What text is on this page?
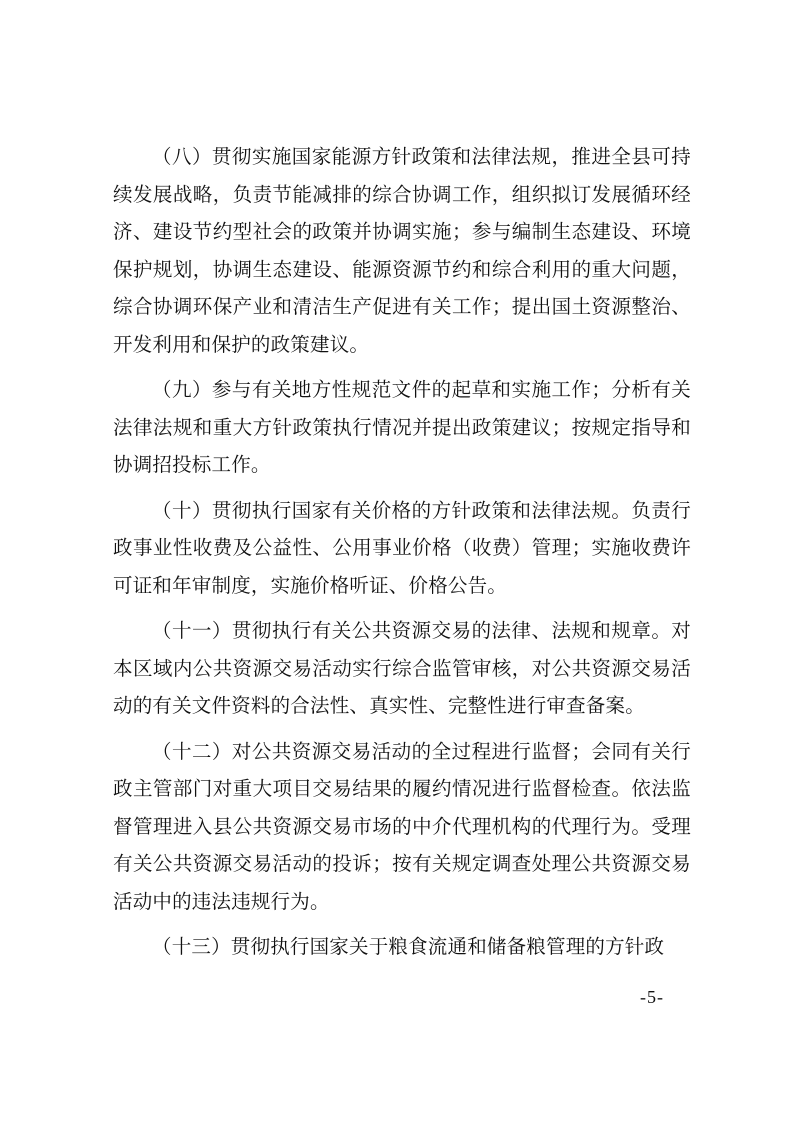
（八）贯彻实施国家能源方针政策和法律法规，推进全县可持续发展战略，负责节能减排的综合协调工作，组织拟订发展循环经济、建设节约型社会的政策并协调实施；参与编制生态建设、环境保护规划，协调生态建设、能源资源节约和综合利用的重大问题，综合协调环保产业和清洁生产促进有关工作；提出国土资源整治、开发利用和保护的政策建议。

（九）参与有关地方性规范文件的起草和实施工作；分析有关法律法规和重大方针政策执行情况并提出政策建议；按规定指导和协调招投标工作。

（十）贯彻执行国家有关价格的方针政策和法律法规。负责行政事业性收费及公益性、公用事业价格（收费）管理；实施收费许可证和年审制度，实施价格听证、价格公告。

（十一）贯彻执行有关公共资源交易的法律、法规和规章。对本区域内公共资源交易活动实行综合监管审核，对公共资源交易活动的有关文件资料的合法性、真实性、完整性进行审查备案。

（十二）对公共资源交易活动的全过程进行监督；会同有关行政主管部门对重大项目交易结果的履约情况进行监督检查。依法监督管理进入县公共资源交易市场的中介代理机构的代理行为。受理有关公共资源交易活动的投诉；按有关规定调查处理公共资源交易活动中的违法违规行为。

（十三）贯彻执行国家关于粮食流通和储备粮管理的方针政

-5-
